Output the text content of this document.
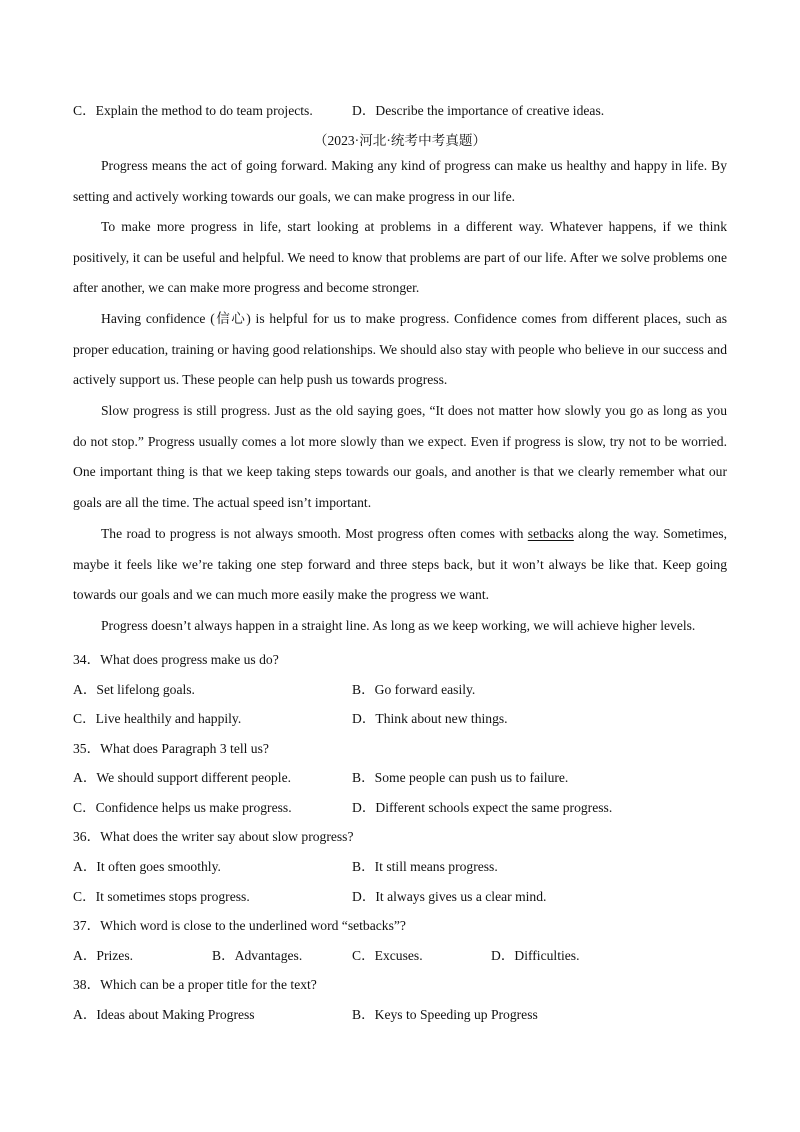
C．Explain the method to do team projects.	D．Describe the importance of creative ideas.
（2023·河北·统考中考真题）

Progress means the act of going forward. Making any kind of progress can make us healthy and happy in life. By setting and actively working towards our goals, we can make progress in our life.

To make more progress in life, start looking at problems in a different way. Whatever happens, if we think positively, it can be useful and helpful. We need to know that problems are part of our life. After we solve problems one after another, we can make more progress and become stronger.

Having confidence (信心) is helpful for us to make progress. Confidence comes from different places, such as proper education, training or having good relationships. We should also stay with people who believe in our success and actively support us. These people can help push us towards progress.

Slow progress is still progress. Just as the old saying goes, “It does not matter how slowly you go as long as you do not stop.” Progress usually comes a lot more slowly than we expect. Even if progress is slow, try not to be worried. One important thing is that we keep taking steps towards our goals, and another is that we clearly remember what our goals are all the time. The actual speed isn’t important.

The road to progress is not always smooth. Most progress often comes with setbacks along the way. Sometimes, maybe it feels like we’re taking one step forward and three steps back, but it won’t always be like that. Keep going towards our goals and we can much more easily make the progress we want.

Progress doesn’t always happen in a straight line. As long as we keep working, we will achieve higher levels.

34．What does progress make us do?
A．Set lifelong goals.	B．Go forward easily.
C．Live healthily and happily.	D．Think about new things.
35．What does Paragraph 3 tell us?
A．We should support different people.	B．Some people can push us to failure.
C．Confidence helps us make progress.	D．Different schools expect the same progress.
36．What does the writer say about slow progress?
A．It often goes smoothly.	B．It still means progress.
C．It sometimes stops progress.	D．It always gives us a clear mind.
37．Which word is close to the underlined word “setbacks”?
A．Prizes.	B．Advantages.	C．Excuses.	D．Difficulties.
38．Which can be a proper title for the text?
A．Ideas about Making Progress	B．Keys to Speeding up Progress
